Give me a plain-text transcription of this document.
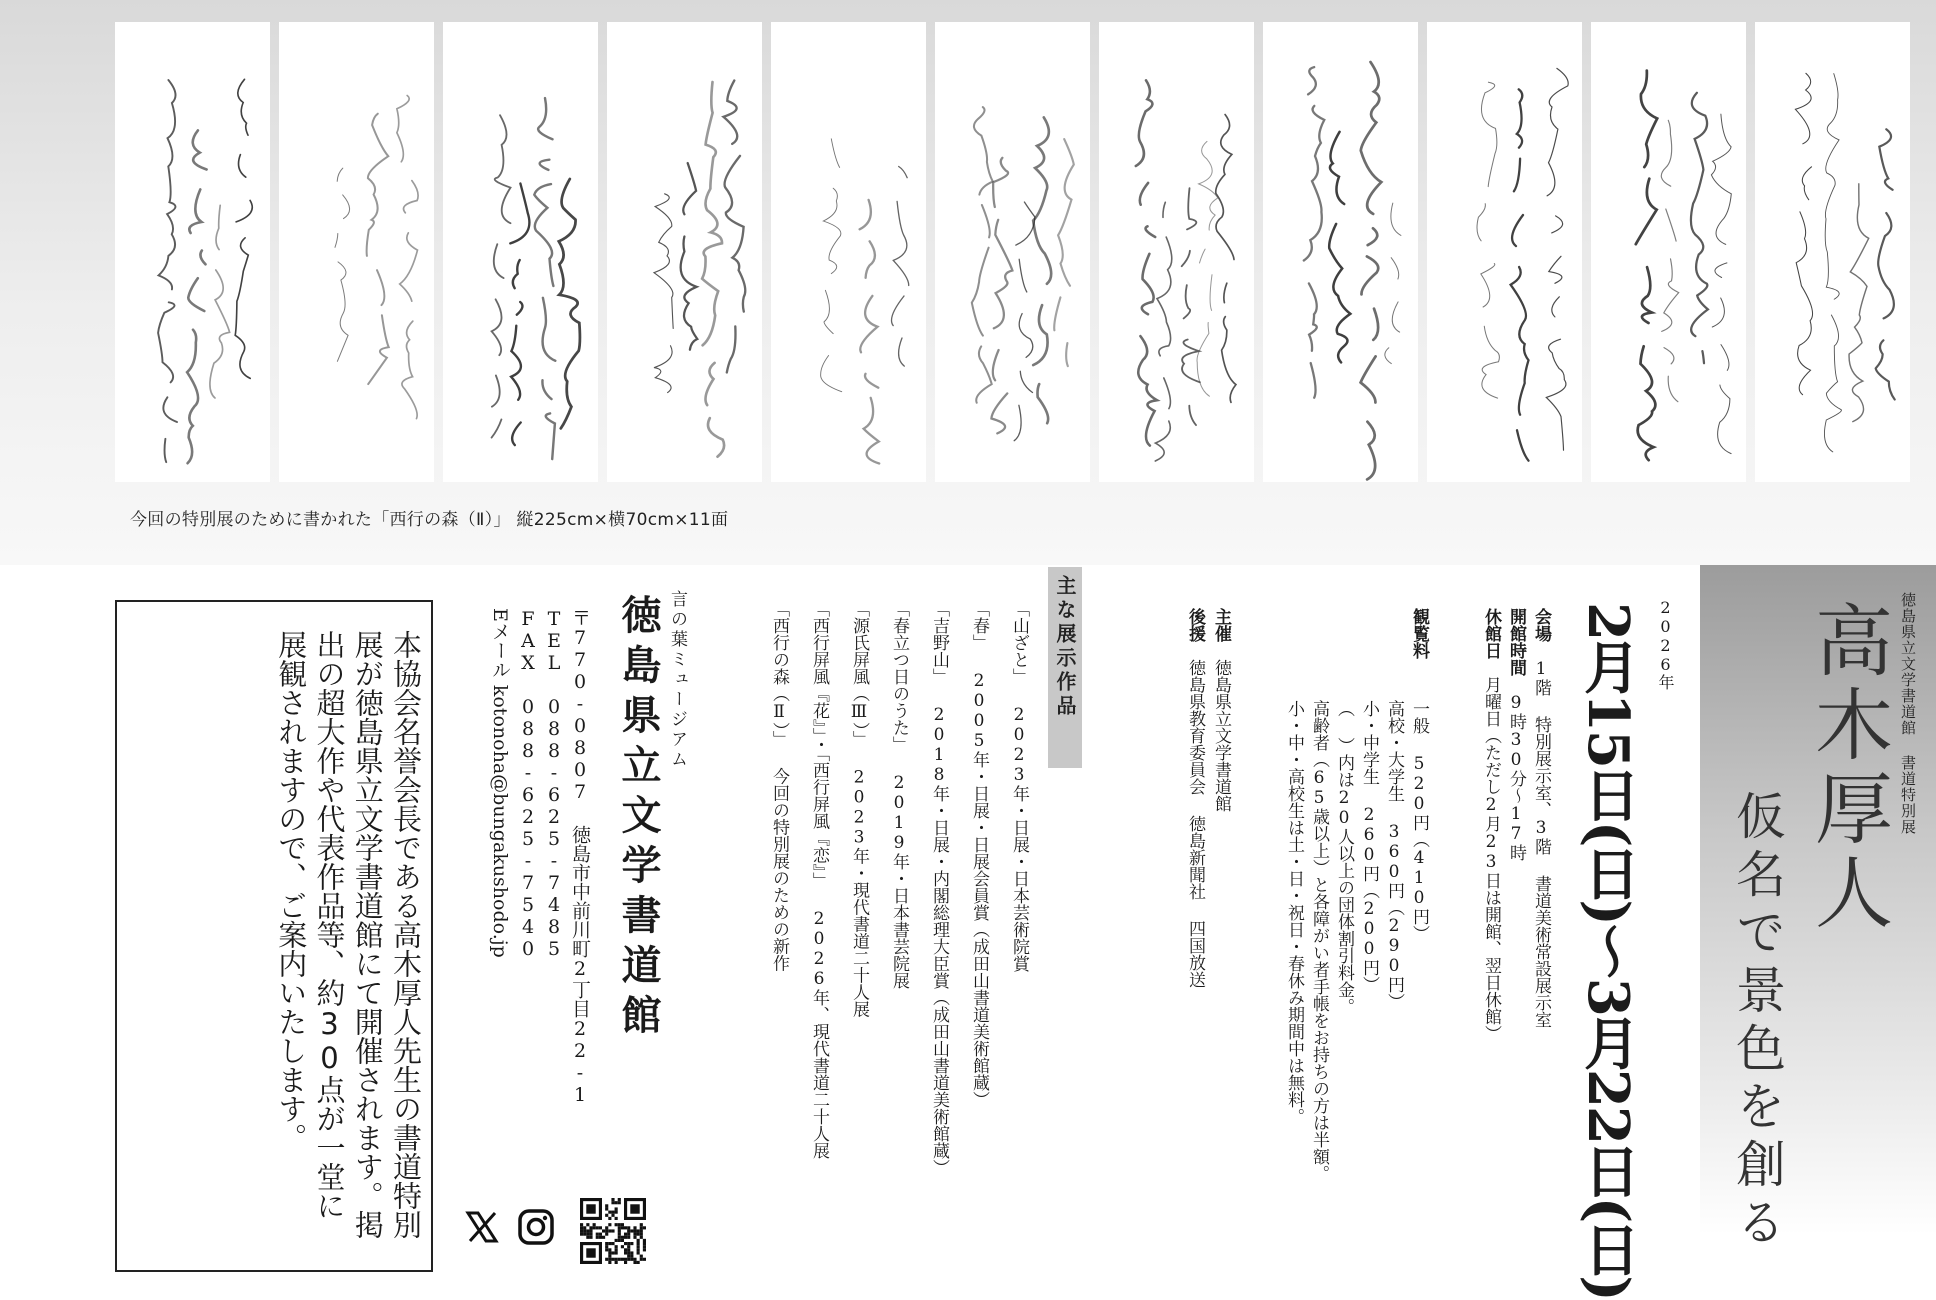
今回の特別展のために書かれた「西行の森（Ⅱ）」 縦225cm×横70cm×11面
徳島県立文学書道館 書道特別展
高木厚人
仮名で景色を創る
2026年
2月15日(日)〜3月22日(日)
会場　1階 特別展示室、3階 書道美術常設展示室
開館時間　9時30分〜17時
休館日　月曜日（ただし2月23日は開館、翌日休館）
観覧料
一般 520円（410円）
高校・大学生 360円（290円）
小・中学生 260円（200円）
（ ）内は20人以上の団体割引料金。
高齢者（65歳以上）と各障がい者手帳をお持ちの方は半額。
小・中・高校生は土・日・祝日・春休み期間中は無料。
主催　徳島県立文学書道館
後援　徳島県教育委員会 徳島新聞社 四国放送
主な展示作品
「山ざと」 2023年・日展・日本芸術院賞
「春」 2005年・日展・日展会員賞（成田山書道美術館蔵）
「吉野山」 2018年・日展・内閣総理大臣賞（成田山書道美術館蔵）
「春立つ日のうた」 2019年・日本書芸院展
「源氏屏風（Ⅲ）」 2023年・現代書道二十人展
「西行屏風『花』」・「西行屏風『恋』」 2026年、現代書道二十人展
「西行の森（Ⅱ）」 今回の特別展のための新作
言の葉ミュージアム
徳島県立文学書道館
〒770-0807 徳島市中前川町2丁目22-1
TEL 088-625-7485
FAX 088-625-7540
Eメール kotonoha@bungakushodo.jp
本協会名誉会長である高木厚人先生の書道特別展が徳島県立文学書道館にて開催されます。掲出の超大作や代表作品等、約30点が一堂に展観されますので、ご案内いたします。
